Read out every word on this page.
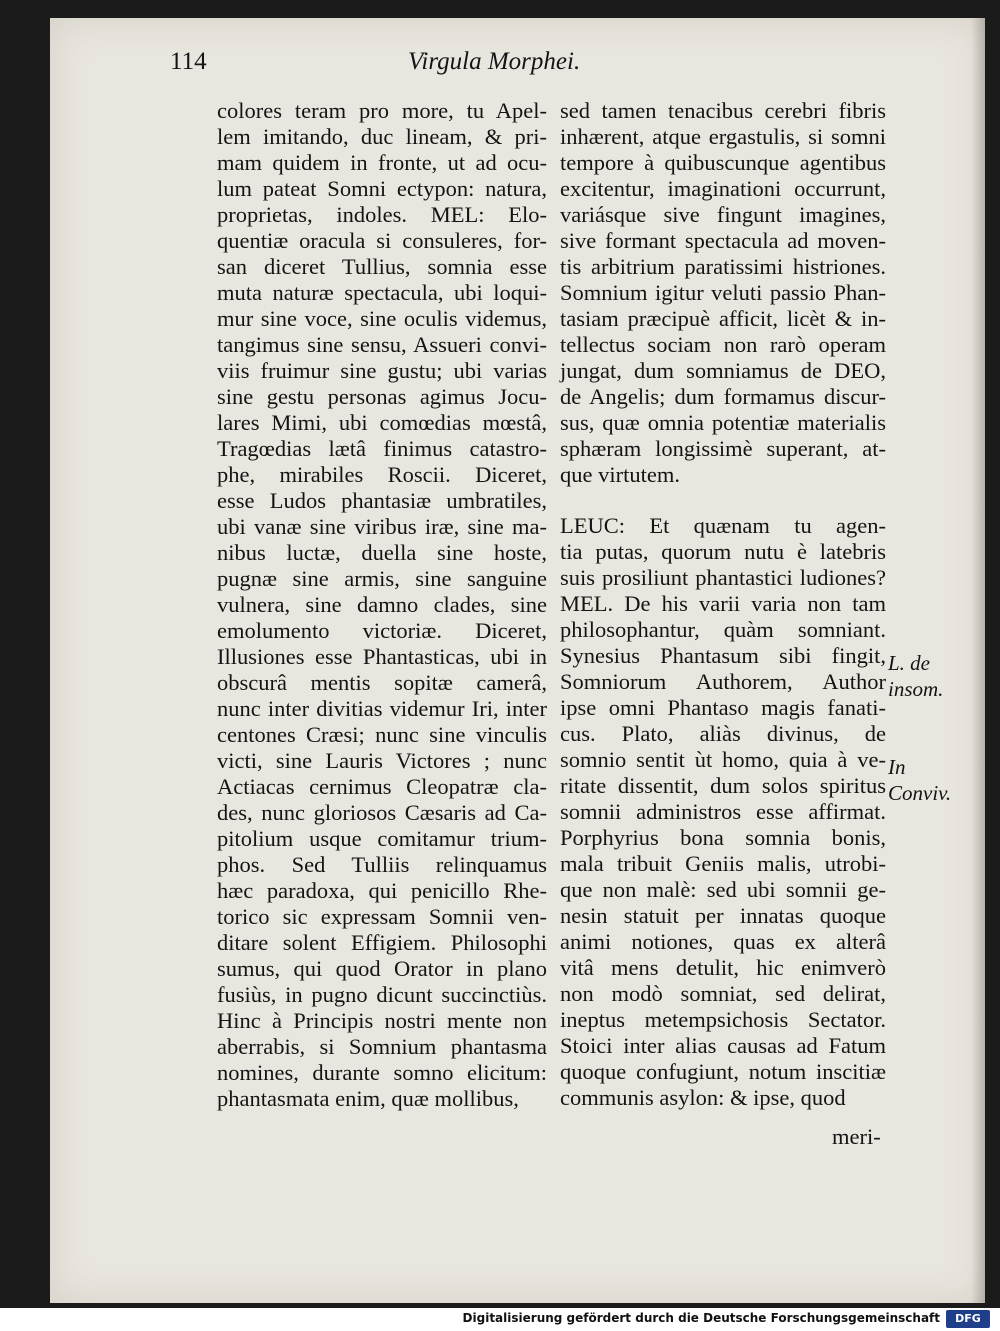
114	Virgula Morphei.
colores teram pro more, tu Apel-
lem imitando, duc lineam, & pri-
mam quidem in fronte, ut ad ocu-
lum pateat Somni ectypon: natura,
proprietas, indoles. MEL: Elo-
quentiæ oracula si consuleres, for-
san diceret Tullius, somnia esse
muta naturæ spectacula, ubi loqui-
mur sine voce, sine oculis videmus,
tangimus sine sensu, Assueri convi-
viis fruimur sine gustu; ubi varias
sine gestu personas agimus Jocu-
lares Mimi, ubi comœdias mœstâ,
Tragœdias lætâ finimus catastro-
phe, mirabiles Roscii. Diceret,
esse Ludos phantasiæ umbratiles,
ubi vanæ sine viribus iræ, sine ma-
nibus luctæ, duella sine hoste,
pugnæ sine armis, sine sanguine
vulnera, sine damno clades, sine
emolumento victoriæ. Diceret,
Illusiones esse Phantasticas, ubi in
obscurâ mentis sopitæ camerâ,
nunc inter divitias videmur Iri, inter
centones Cræsi; nunc sine vinculis
victi, sine Lauris Victores ; nunc
Actiacas cernimus Cleopatræ cla-
des, nunc gloriosos Cæsaris ad Ca-
pitolium usque comitamur trium-
phos. Sed Tulliis relinquamus
hæc paradoxa, qui penicillo Rhe-
torico sic expressam Somnii ven-
ditare solent Effigiem. Philosophi
sumus, qui quod Orator in plano
fusiùs, in pugno dicunt succinctiùs.
Hinc à Principis nostri mente non
aberrabis, si Somnium phantasma
nomines, durante somno elicitum:
phantasmata enim, quæ mollibus,
sed tamen tenacibus cerebri fibris
inhærent, atque ergastulis, si somni
tempore à quibuscunque agentibus
excitentur, imaginationi occurrunt,
variásque sive fingunt imagines,
sive formant spectacula ad moven-
tis arbitrium paratissimi histriones.
Somnium igitur veluti passio Phan-
tasiam præcipuè afficit, licèt & in-
tellectus sociam non rarò operam
jungat, dum somniamus de DEO,
de Angelis; dum formamus discur-
sus, quæ omnia potentiæ materialis
sphæram longissimè superant, at-
que virtutem.
LEUC: Et quænam tu agen-
tia putas, quorum nutu è latebris
suis prosiliunt phantastici ludiones?
MEL. De his varii varia non tam
philosophantur, quàm somniant.
Synesius Phantasum sibi fingit,
Somniorum Authorem, Author
ipse omni Phantaso magis fanati-
cus. Plato, aliàs divinus, de
somnio sentit ùt homo, quia à ve-
ritate dissentit, dum solos spiritus
somnii administros esse affirmat.
Porphyrius bona somnia bonis,
mala tribuit Geniis malis, utrobi-
que non malè: sed ubi somnii ge-
nesin statuit per innatas quoque
animi notiones, quas ex alterâ
vitâ mens detulit, hic enimverò
non modò somniat, sed delirat,
ineptus metempsichosis Sectator.
Stoici inter alias causas ad Fatum
quoque confugiunt, notum inscitiæ
communis asylon: & ipse, quod
L. de
insom.
In
Conviv.
meri-
Digitalisierung gefördert durch die Deutsche Forschungsgemeinschaft	DFG
